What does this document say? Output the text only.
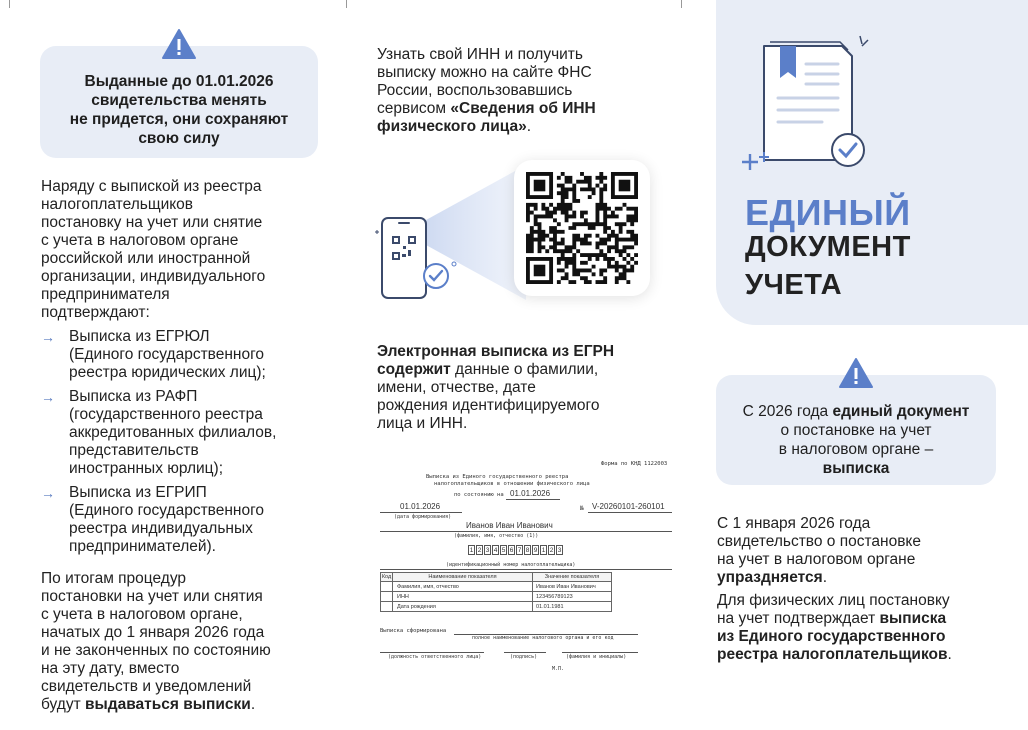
Выданные до 01.01.2026
свидетельства менять
не придется, они сохраняют
свою силу
Наряду с выпиской из реестра
налогоплательщиков
постановку на учет или снятие
с учета в налоговом органе
российской или иностранной
организации, индивидуального
предпринимателя
подтверждают:
→ Выписка из ЕГРЮЛ
(Единого государственного
реестра юридических лиц);
→ Выписка из РАФП
(государственного реестра
аккредитованных филиалов,
представительств
иностранных юрлиц);
→ Выписка из ЕГРИП
(Единого государственного
реестра индивидуальных
предпринимателей).
По итогам процедур
постановки на учет или снятия
с учета в налоговом органе,
начатых до 1 января 2026 года
и не законченных по состоянию
на эту дату, вместо
свидетельств и уведомлений
будут выдаваться выписки.
Узнать свой ИНН и получить
выписку можно на сайте ФНС
России, воспользовавшись
сервисом «Сведения об ИНН
физического лица».
Электронная выписка из ЕГРН
содержит данные о фамилии,
имени, отчестве, дате
рождения идентифицируемого
лица и ИНН.
Форма по КНД 1122003
Выписка из Единого государственного реестра
налогоплательщиков в отношении физического лица
по состоянию на 01.01.2026
01.01.2026	№ V-20260101-260101
(дата формирования)
Иванов Иван Иванович
(фамилия, имя, отчество (1))
1 2 3 4 5 6 7 8 9 1 2 3
(идентификационный номер налогоплательщика)
Код	Наименование показателя	Значение показателя
	Фамилия, имя, отчество	Иванов Иван Иванович
	ИНН	123456789123
	Дата рождения	01.01.1981
Выписка сформирована
полное наименование налогового органа и его код
(должность ответственного лица)	(подпись)	(фамилия и инициалы)
М.П.
ЕДИНЫЙ
ДОКУМЕНТ
УЧЕТА
С 2026 года единый документ
о постановке на учет
в налоговом органе –
выписка
С 1 января 2026 года
свидетельство о постановке
на учет в налоговом органе
упраздняется.
Для физических лиц постановку
на учет подтверждает выписка
из Единого государственного
реестра налогоплательщиков.
